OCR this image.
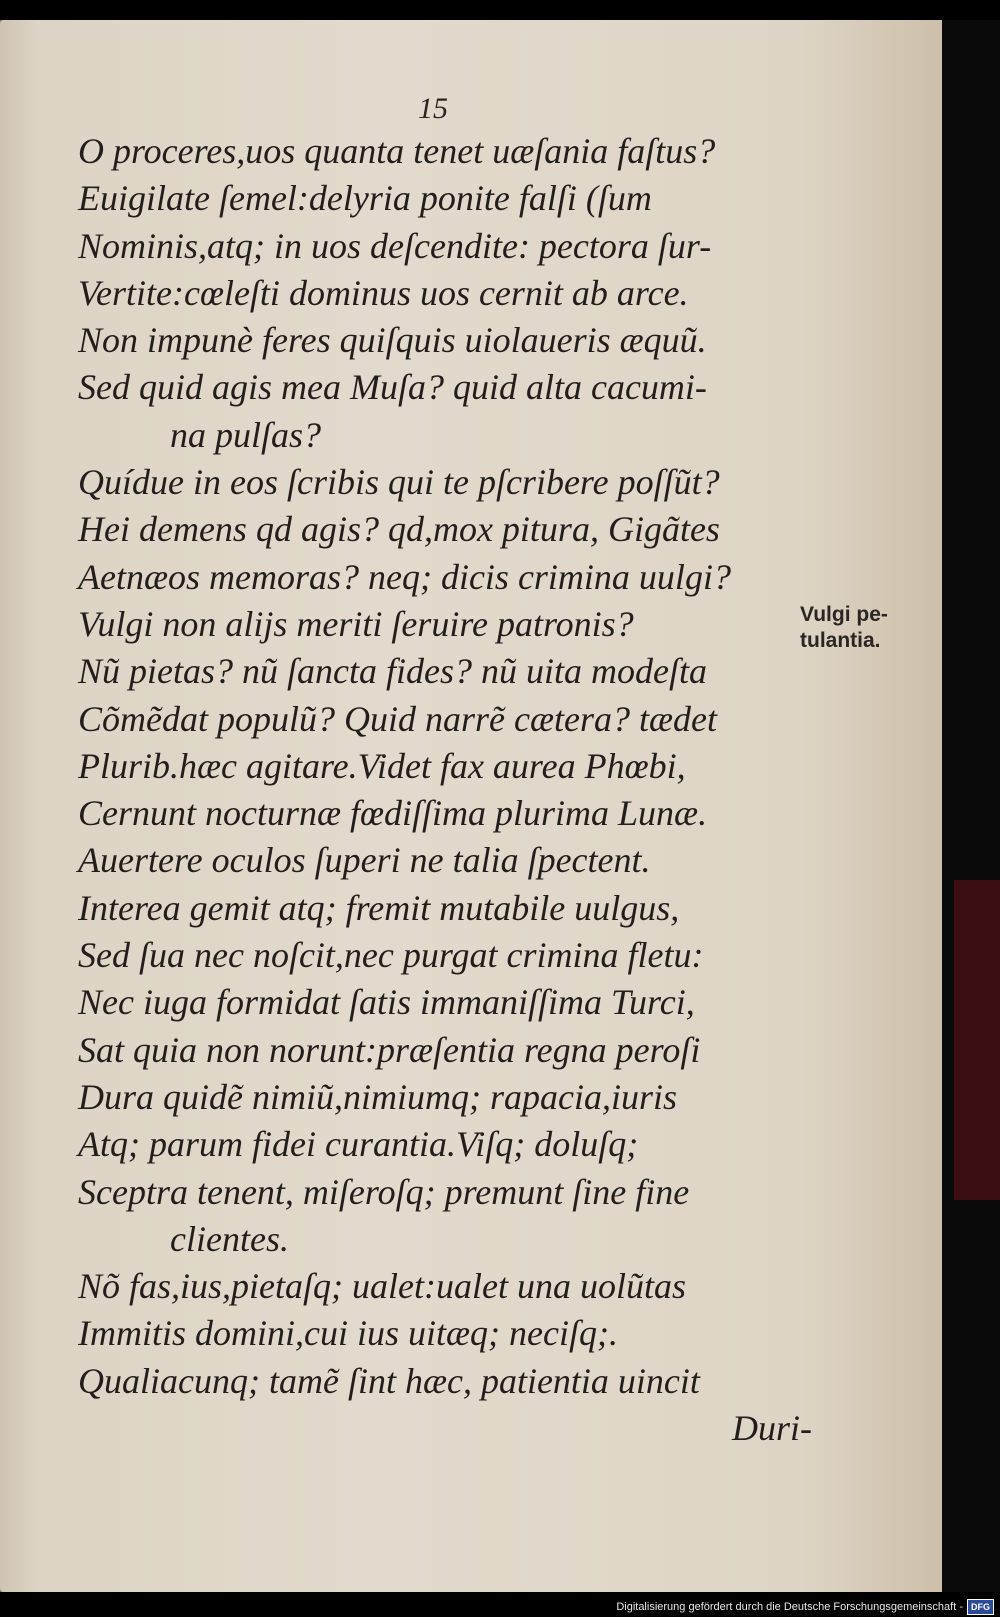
15
O proceres,uos quanta tenet uæſania faſtus?
Euigilate ſemel:delyria ponite falſi (ſum
Nominis,atq; in uos deſcendite: pectora ſur-
Vertite:cœleſti dominus uos cernit ab arce.
Non impunè feres quiſquis uiolaueris æquũ.
Sed quid agis mea Muſa? quid alta cacumi-
na pulſas?
Quídue in eos ſcribis qui te pſcribere poſſũt?
Hei demens qd agis? qd,mox pitura, Gigãtes
Aetnæos memoras? neq; dicis crimina uulgi?
Vulgi non alijs meriti ſeruire patronis?
Nũ pietas? nũ ſancta fides? nũ uita modeſta
Cõmẽdat populũ? Quid narrẽ cætera? tædet
Plurib.hæc agitare.Videt fax aurea Phœbi,
Cernunt nocturnæ fœdiſſima plurima Lunæ.
Auertere oculos ſuperi ne talia ſpectent.
Interea gemit atq; fremit mutabile uulgus,
Sed ſua nec noſcit,nec purgat crimina fletu:
Nec iuga formidat ſatis immaniſſima Turci,
Sat quia non norunt:præſentia regna peroſi
Dura quidẽ nimiũ,nimiumq; rapacia,iuris
Atq; parum fidei curantia.Viſq; doluſq;
Sceptra tenent, miſeroſq; premunt ſine fine
clientes.
Nõ fas,ius,pietaſq; ualet:ualet una uolũtas
Immitis domini,cui ius uitæq; neciſq;.
Qualiacunq; tamẽ ſint hæc, patientia uincit
Duri-
Vulgi pe-
tulantia.
Digitalisierung gefördert durch die Deutsche Forschungsgemeinschaft - DFG
